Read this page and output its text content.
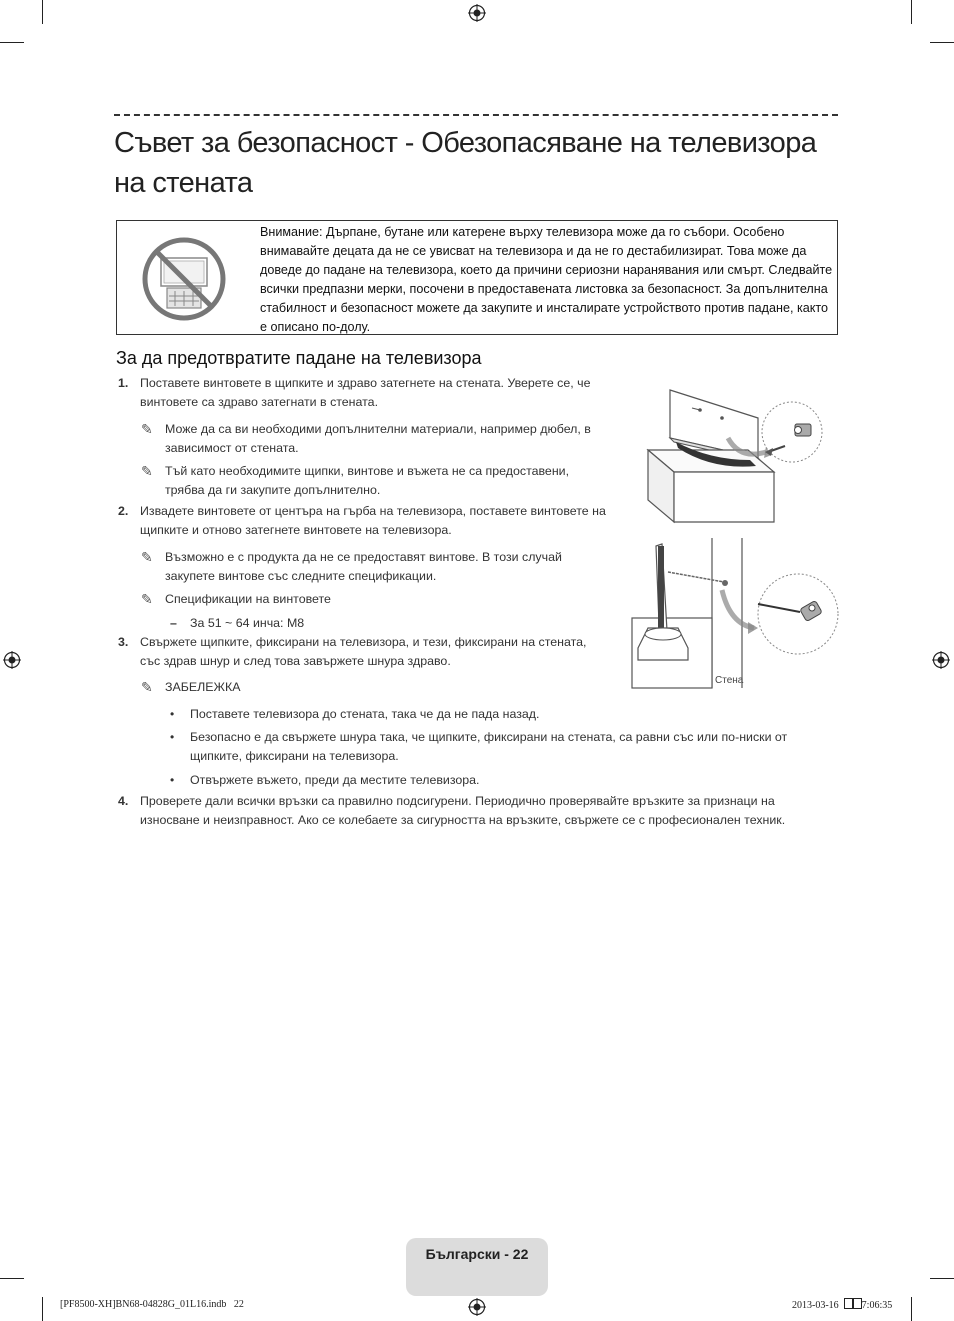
Съвет за безопасност - Обезопасяване на телевизора на стената
Внимание: Дърпане, бутане или катерене върху телевизора може да го събори. Особено внимавайте децата да не се увисват на телевизора и да не го дестабилизират. Това може да доведе до падане на телевизора, което да причини сериозни наранявания или смърт. Следвайте всички предпазни мерки, посочени в предоставената листовка за безопасност. За допълнителна стабилност и безопасност можете да закупите и инсталирате устройството против падане, както е описано по-долу.
За да предотвратите падане на телевизора
1. Поставете винтовете в щипките и здраво затегнете на стената. Уверете се, че винтовете са здраво затегнати в стената.
✎ Може да са ви необходими допълнителни материали, например дюбел, в зависимост от стената.
✎ Тъй като необходимите щипки, винтове и въжета не са предоставени, трябва да ги закупите допълнително.
2. Извадете винтовете от центъра на гърба на телевизора, поставете винтовете на щипките и отново затегнете винтовете на телевизора.
✎ Възможно е с продукта да не се предоставят винтове. В този случай закупете винтове със следните спецификации.
✎ Спецификации на винтовете
– За 51 ~ 64 инча: M8
3. Свържете щипките, фиксирани на телевизора, и тези, фиксирани на стената, със здрав шнур и след това завържете шнура здраво.
✎ ЗАБЕЛЕЖКА
• Поставете телевизора до стената, така че да не пада назад.
• Безопасно е да свържете шнура така, че щипките, фиксирани на стената, са равни със или по-ниски от щипките, фиксирани на телевизора.
• Отвържете въжето, преди да местите телевизора.
4. Проверете дали всички връзки са правилно подсигурени. Периодично проверявайте връзките за признаци на износване и неизправност. Ако се колебаете за сигурността на връзките, свържете се с професионален техник.
Стена
Български - 22
[PF8500-XH]BN68-04828G_01L16.indb   22	2013-03-16  7:06:35
